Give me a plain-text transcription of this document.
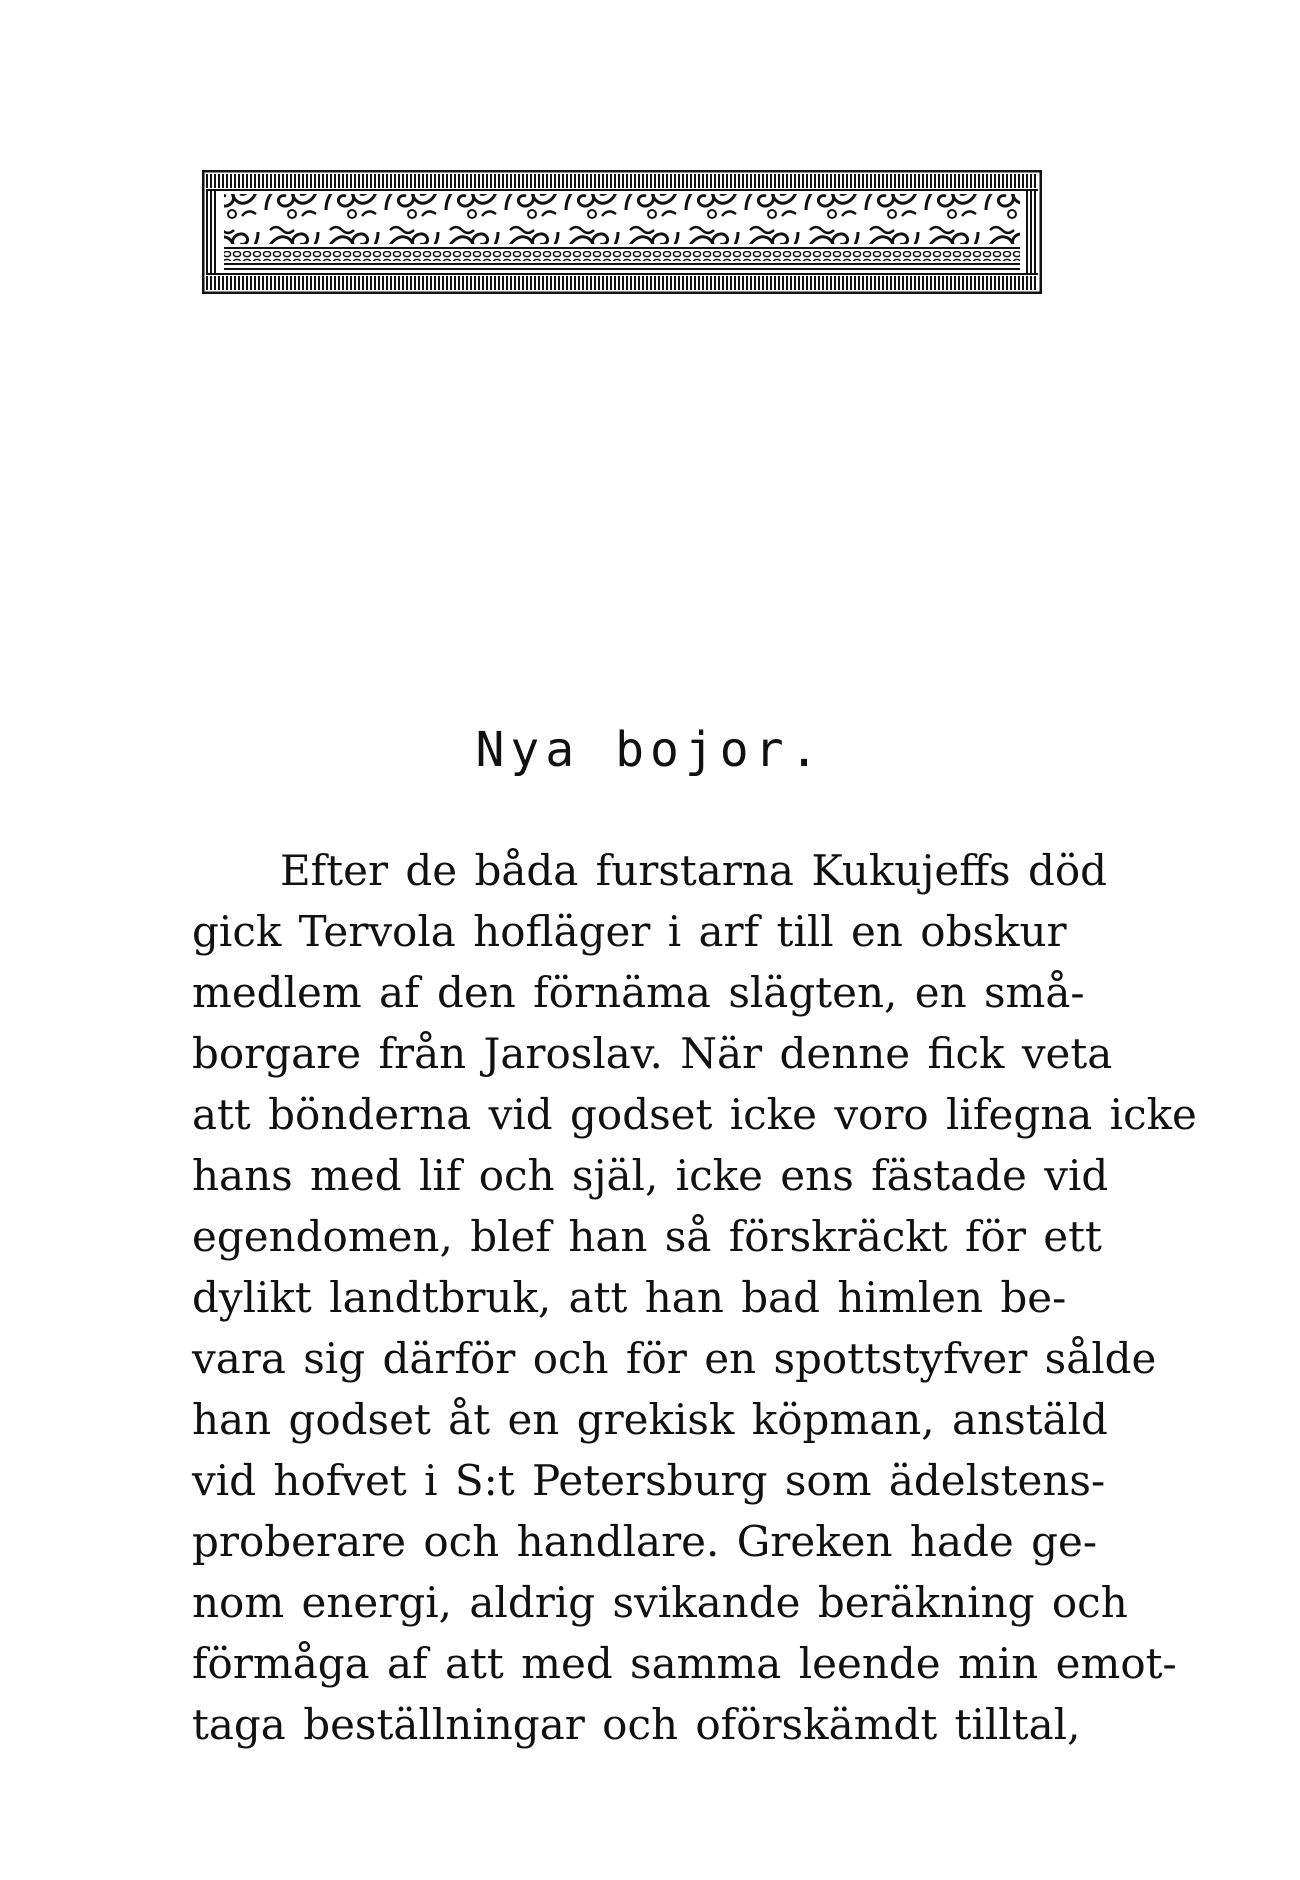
Nya bojor.
Efter de båda furstarna Kukujeffs död
gick Tervola hofläger i arf till en obskur
medlem af den förnäma slägten, en små-
borgare från Jaroslav. När denne fick veta
att bönderna vid godset icke voro lifegna icke
hans med lif och själ, icke ens fästade vid
egendomen, blef han så förskräckt för ett
dylikt landtbruk, att han bad himlen be-
vara sig därför och för en spottstyfver sålde
han godset åt en grekisk köpman, anstäld
vid hofvet i S:t Petersburg som ädelstens-
proberare och handlare. Greken hade ge-
nom energi, aldrig svikande beräkning och
förmåga af att med samma leende min emot-
taga beställningar och oförskämdt tilltal,
